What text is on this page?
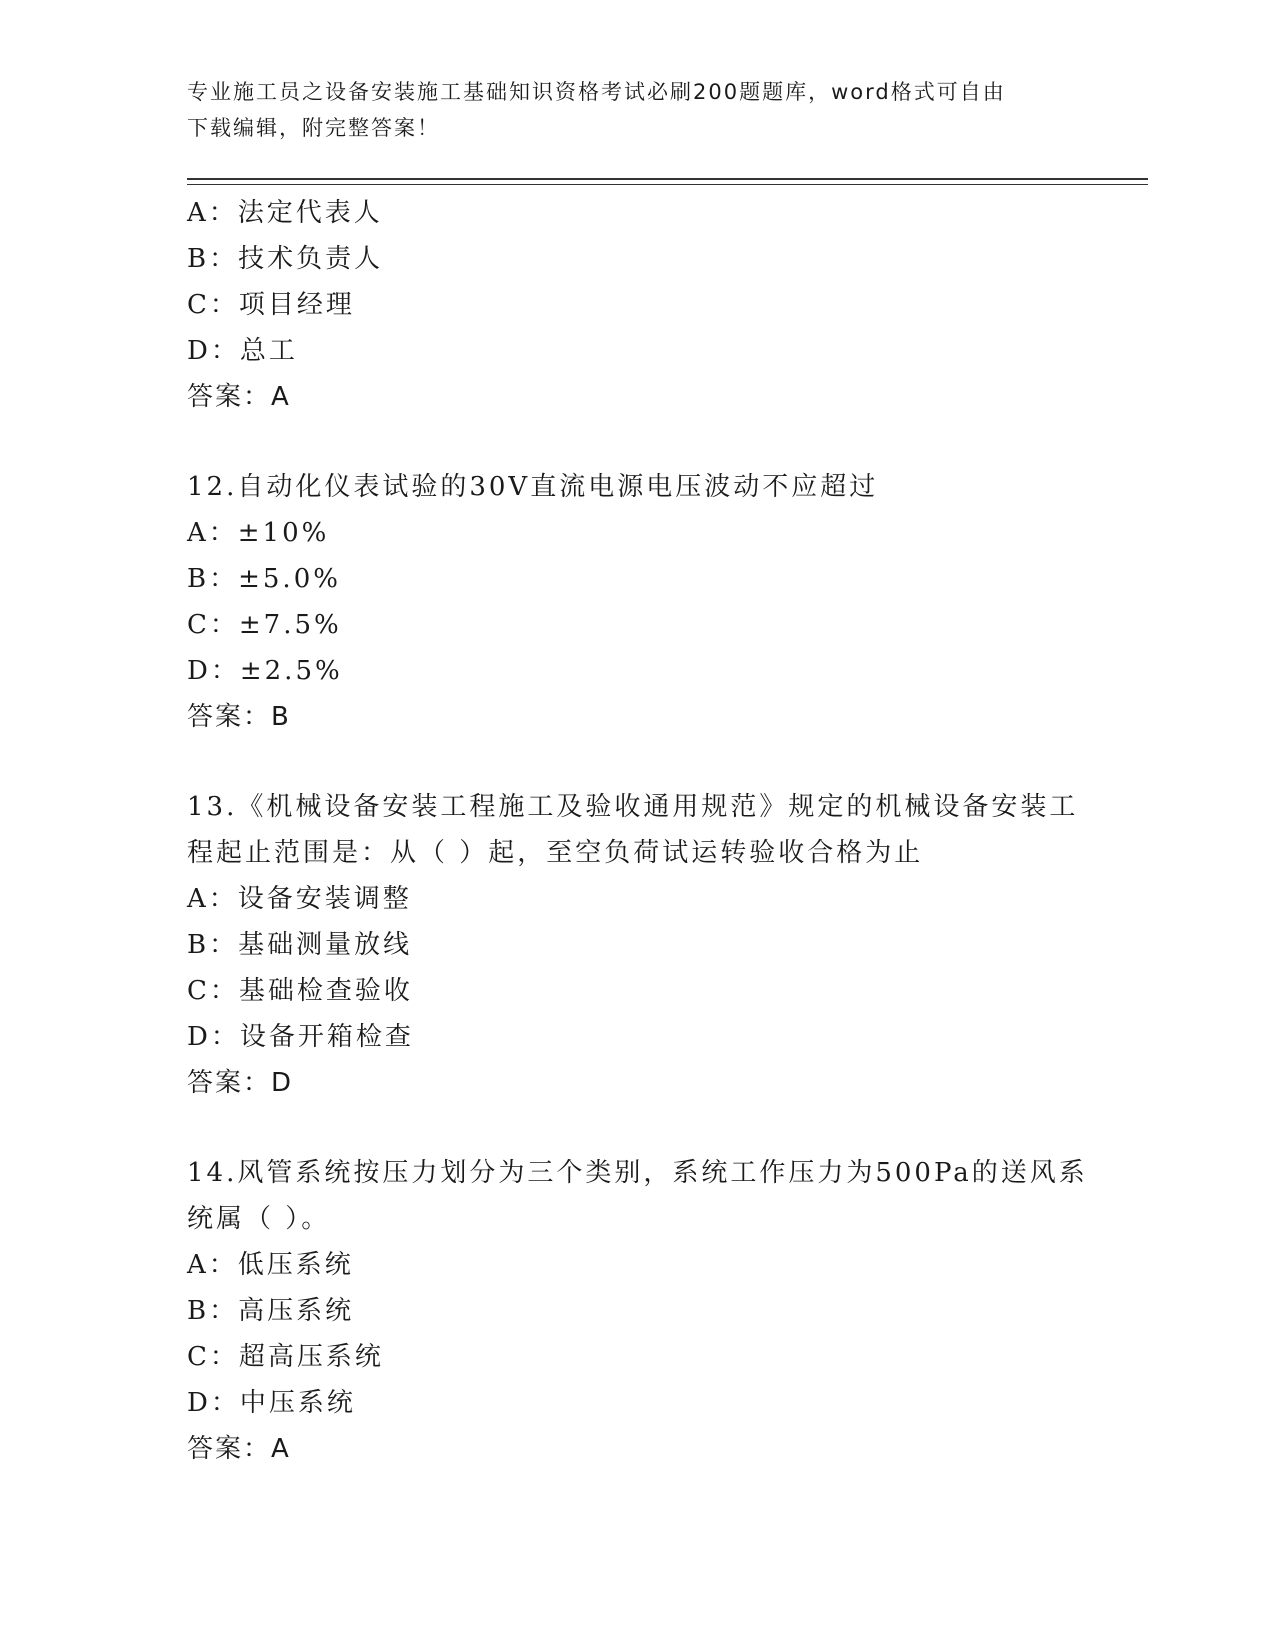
专业施工员之设备安装施工基础知识资格考试必刷200题题库，word格式可自由
下载编辑，附完整答案！
A：法定代表人
B：技术负责人
C：项目经理
D：总工
答案：A
12.自动化仪表试验的30V直流电源电压波动不应超过
A：±10%
B：±5.0%
C：±7.5%
D：±2.5%
答案：B
13.《机械设备安装工程施工及验收通用规范》规定的机械设备安装工
程起止范围是：从（ ）起，至空负荷试运转验收合格为止
A：设备安装调整
B：基础测量放线
C：基础检查验收
D：设备开箱检查
答案：D
14.风管系统按压力划分为三个类别，系统工作压力为500Pa的送风系
统属（ ）。
A：低压系统
B：高压系统
C：超高压系统
D：中压系统
答案：A
